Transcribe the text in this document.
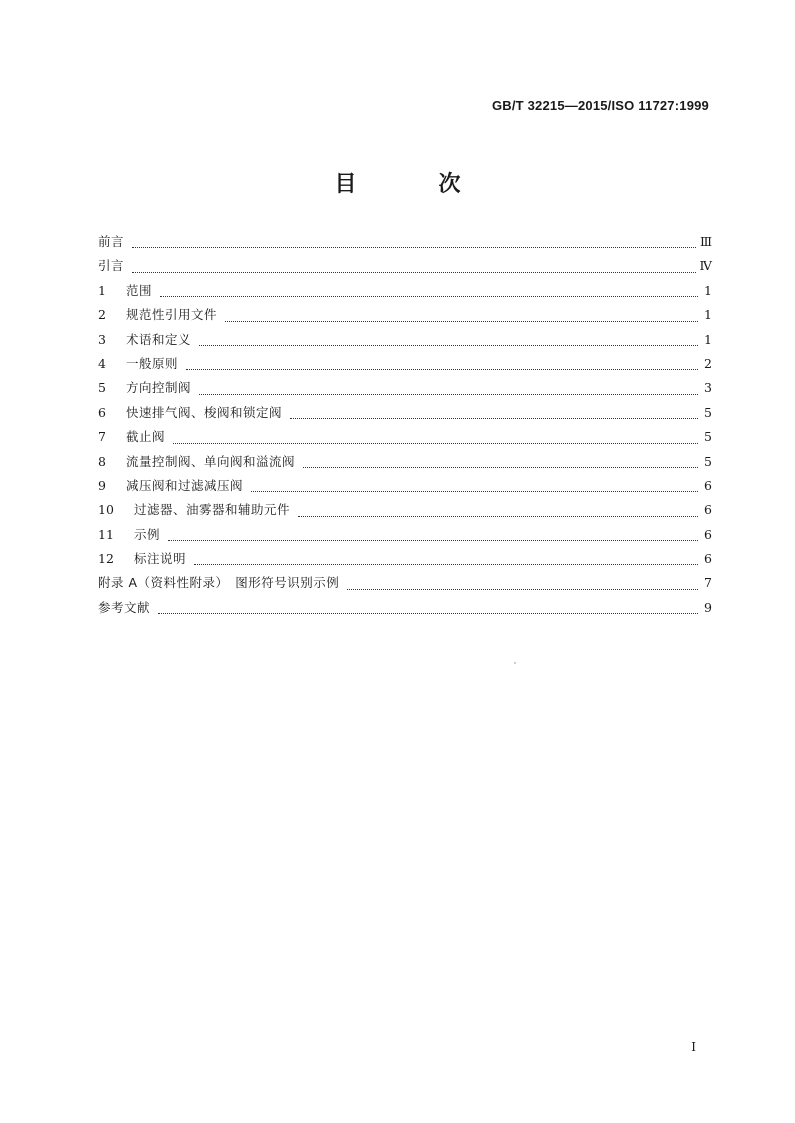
GB/T 32215—2015/ISO 11727:1999
目　次
前言	Ⅲ
引言	Ⅳ
1	范围	1
2	规范性引用文件	1
3	术语和定义	1
4	一般原则	2
5	方向控制阀	3
6	快速排气阀、梭阀和锁定阀	5
7	截止阀	5
8	流量控制阀、单向阀和溢流阀	5
9	减压阀和过滤减压阀	6
10	过滤器、油雾器和辅助元件	6
11	示例	6
12	标注说明	6
附录 A（资料性附录）　图形符号识别示例	7
参考文献	9
I
